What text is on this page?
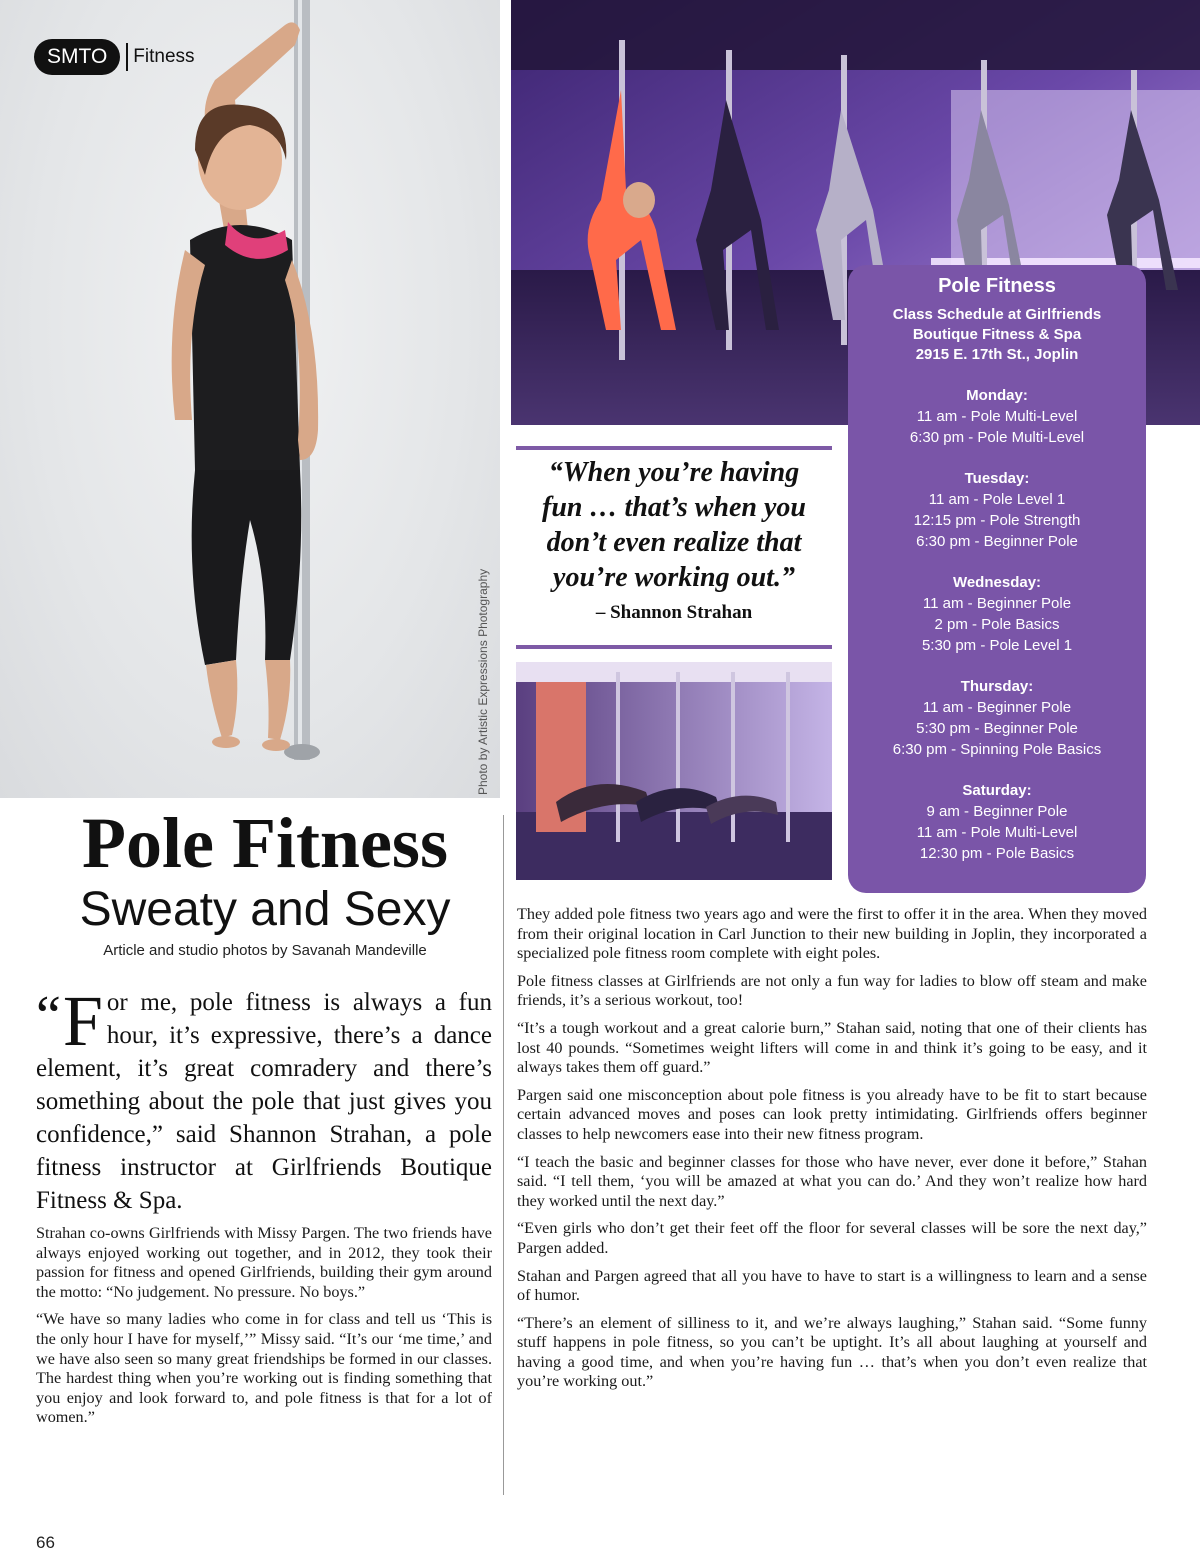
SMTO	Fitness
Photo by Artistic Expressions Photography
“When you’re having
fun … that’s when you
don’t even realize that
you’re working out.”
– Shannon Strahan
Pole Fitness
Class Schedule at Girlfriends
Boutique Fitness & Spa
2915 E. 17th St., Joplin
Monday:
11 am - Pole Multi-Level
6:30 pm - Pole Multi-Level
Tuesday:
11 am - Pole Level 1
12:15 pm - Pole Strength
6:30 pm - Beginner Pole
Wednesday:
11 am - Beginner Pole
2 pm - Pole Basics
5:30 pm - Pole Level 1
Thursday:
11 am - Beginner Pole
5:30 pm - Beginner Pole
6:30 pm - Spinning Pole Basics
Saturday:
9 am - Beginner Pole
11 am - Pole Multi-Level
12:30 pm - Pole Basics
Pole Fitness
Sweaty and Sexy
Article and studio photos by Savanah Mandeville
“ F or me, pole fitness is always a fun hour, it’s expressive, there’s a dance element, it’s great comradery and there’s something about the pole that just gives you confidence,” said Shannon Strahan, a pole fitness instructor at Girlfriends Boutique Fitness & Spa.

Strahan co-owns Girlfriends with Missy Pargen. The two friends have always enjoyed working out together, and in 2012, they took their passion for fitness and opened Girlfriends, building their gym around the motto: “No judgement. No pressure. No boys.”

“We have so many ladies who come in for class and tell us ‘This is the only hour I have for myself,’” Missy said. “It’s our ‘me time,’ and we have also seen so many great friendships be formed in our classes. The hardest thing when you’re working out is finding something that you enjoy and look forward to, and pole fitness is that for a lot of women.”

They added pole fitness two years ago and were the first to offer it in the area. When they moved from their original location in Carl Junction to their new building in Joplin, they incorporated a specialized pole fitness room complete with eight poles.

Pole fitness classes at Girlfriends are not only a fun way for ladies to blow off steam and make friends, it’s a serious workout, too!

“It’s a tough workout and a great calorie burn,” Stahan said, noting that one of their clients has lost 40 pounds. “Sometimes weight lifters will come in and think it’s going to be easy, and it always takes them off guard.”

Pargen said one misconception about pole fitness is you already have to be fit to start because certain advanced moves and poses can look pretty intimidating. Girlfriends offers beginner classes to help newcomers ease into their new fitness program.

“I teach the basic and beginner classes for those who have never, ever done it before,” Stahan said. “I tell them, ‘you will be amazed at what you can do.’ And they won’t realize how hard they worked until the next day.”

“Even girls who don’t get their feet off the floor for several classes will be sore the next day,” Pargen added.

Stahan and Pargen agreed that all you have to have to start is a willingness to learn and a sense of humor.

“There’s an element of silliness to it, and we’re always laughing,” Stahan said. “Some funny stuff happens in pole fitness, so you can’t be uptight. It’s all about laughing at yourself and having a good time, and when you’re having fun … that’s when you don’t even realize that you’re working out.”

66
